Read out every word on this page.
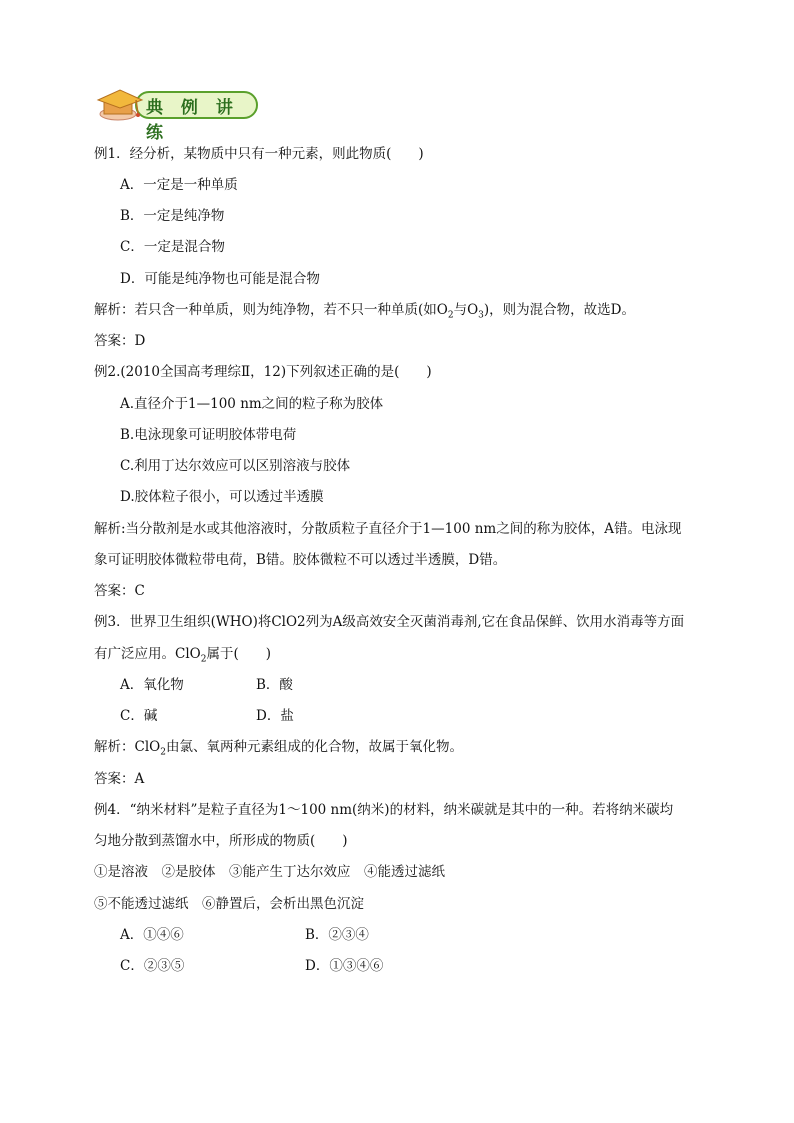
典 例 讲 练
例1．经分析，某物质中只有一种元素，则此物质(　　)
A．一定是一种单质
B．一定是纯净物
C．一定是混合物
D．可能是纯净物也可能是混合物
解析：若只含一种单质，则为纯净物，若不只一种单质(如$O_2$与$O_3$)，则为混合物，故选D。
答案：D
例2.(2010全国高考理综Ⅱ，12)下列叙述正确的是(　　)
A.直径介于1—100 nm之间的粒子称为胶体
B.电泳现象可证明胶体带电荷
C.利用丁达尔效应可以区别溶液与胶体
D.胶体粒子很小，可以透过半透膜
解析:当分散剂是水或其他溶液时，分散质粒子直径介于1—100 nm之间的称为胶体，A错。电泳现
象可证明胶体微粒带电荷，B错。胶体微粒不可以透过半透膜，D错。
答案：C
例3．世界卫生组织(WHO)将ClO2列为A级高效安全灭菌消毒剂,它在食品保鲜、饮用水消毒等方面
有广泛应用。ClO$_2$属于(　　)
A．氧化物	B．酸
C．碱	D．盐
解析：ClO$_2$由氯、氧两种元素组成的化合物，故属于氧化物。
答案：A
例4．“纳米材料”是粒子直径为1～100 nm(纳米)的材料，纳米碳就是其中的一种。若将纳米碳均
匀地分散到蒸馏水中，所形成的物质(　　)
①是溶液　②是胶体　③能产生丁达尔效应　④能透过滤纸
⑤不能透过滤纸　⑥静置后，会析出黑色沉淀
A．①④⑥	B．②③④
C．②③⑤	D．①③④⑥
